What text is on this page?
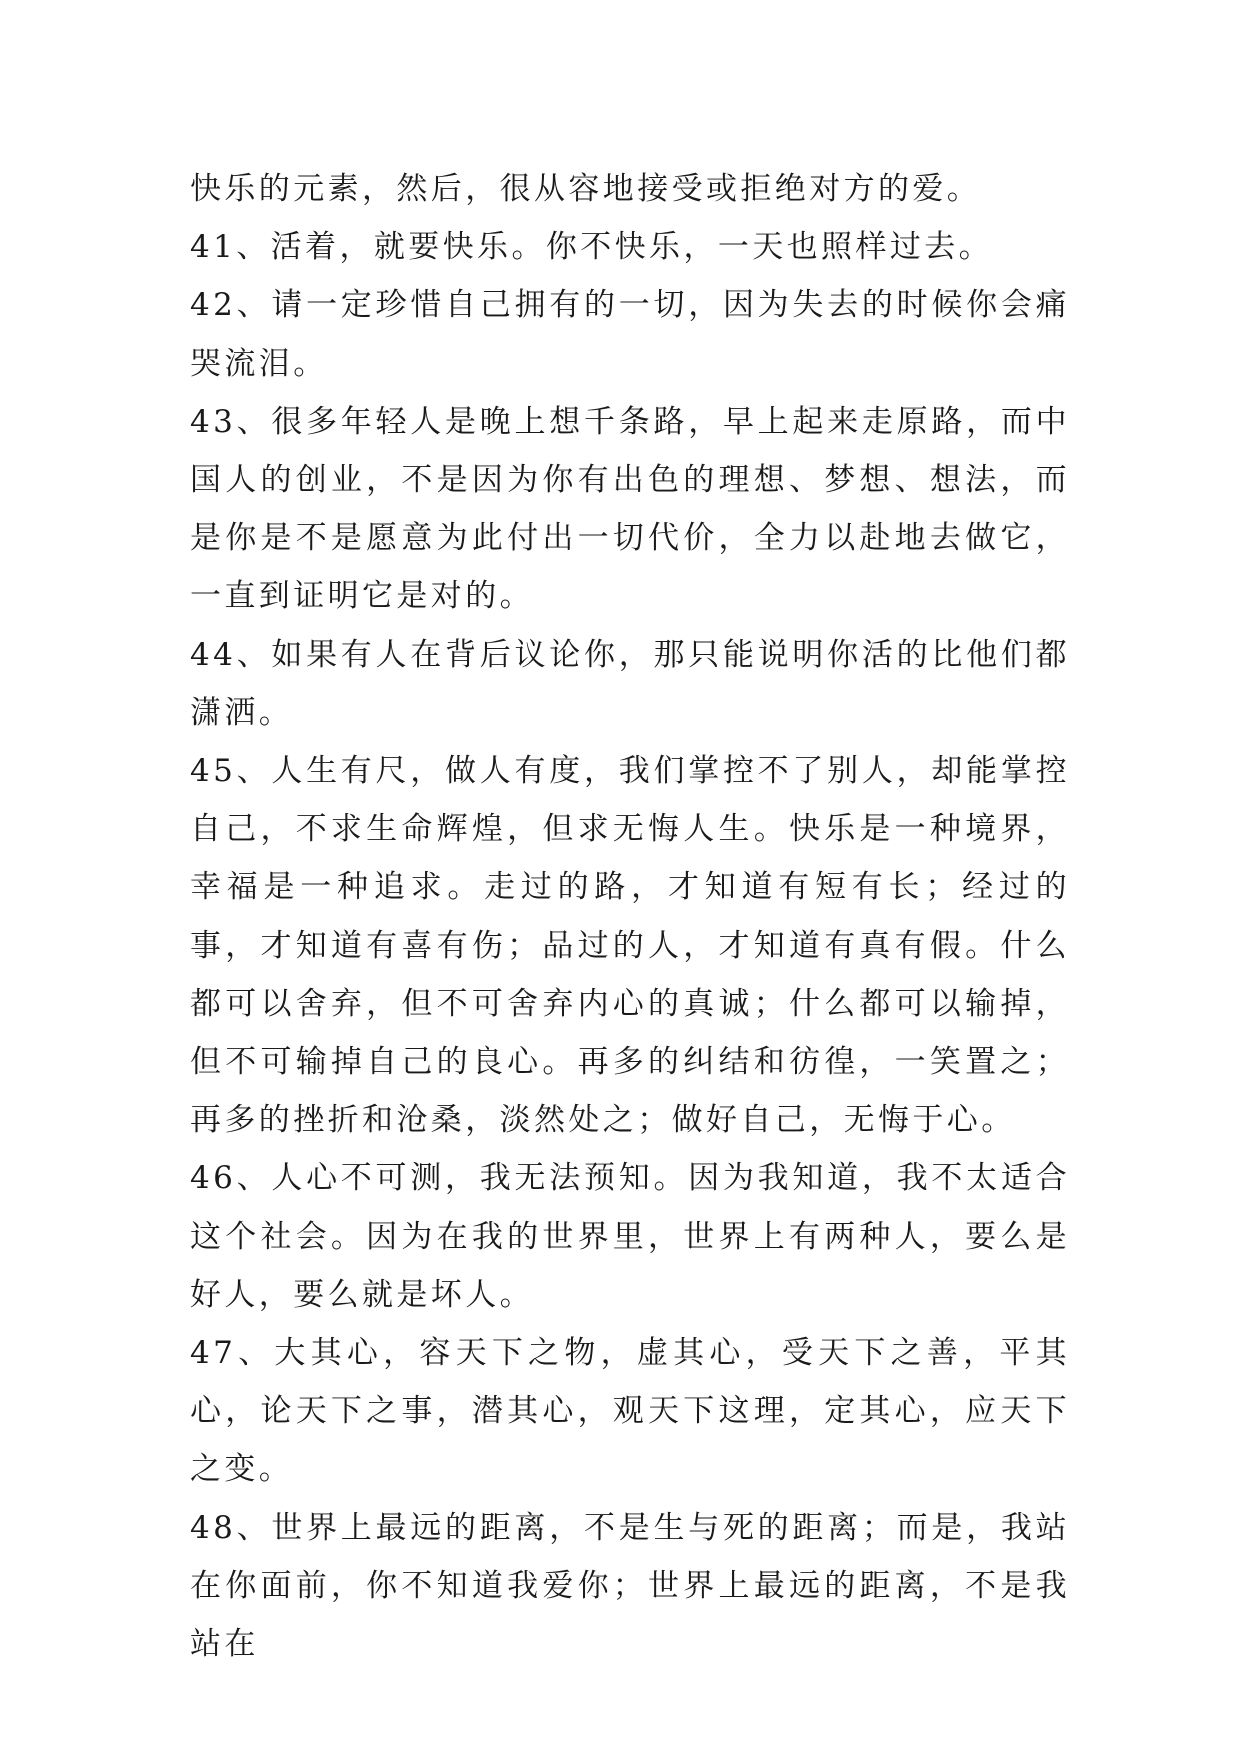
快乐的元素，然后，很从容地接受或拒绝对方的爱。

41、活着，就要快乐。你不快乐，一天也照样过去。

42、请一定珍惜自己拥有的一切，因为失去的时候你会痛哭流泪。

43、很多年轻人是晚上想千条路，早上起来走原路，而中国人的创业，不是因为你有出色的理想、梦想、想法，而是你是不是愿意为此付出一切代价，全力以赴地去做它，一直到证明它是对的。

44、如果有人在背后议论你，那只能说明你活的比他们都潇洒。

45、人生有尺，做人有度，我们掌控不了别人，却能掌控自己，不求生命辉煌，但求无悔人生。快乐是一种境界，幸福是一种追求。走过的路，才知道有短有长；经过的事，才知道有喜有伤；品过的人，才知道有真有假。什么都可以舍弃，但不可舍弃内心的真诚；什么都可以输掉，但不可输掉自己的良心。再多的纠结和彷徨，一笑置之；再多的挫折和沧桑，淡然处之；做好自己，无悔于心。

46、人心不可测，我无法预知。因为我知道，我不太适合这个社会。因为在我的世界里，世界上有两种人，要么是好人，要么就是坏人。

47、大其心，容天下之物，虚其心，受天下之善，平其心，论天下之事，潜其心，观天下这理，定其心，应天下之变。

48、世界上最远的距离，不是生与死的距离；而是，我站在你面前，你不知道我爱你；世界上最远的距离，不是我站在
